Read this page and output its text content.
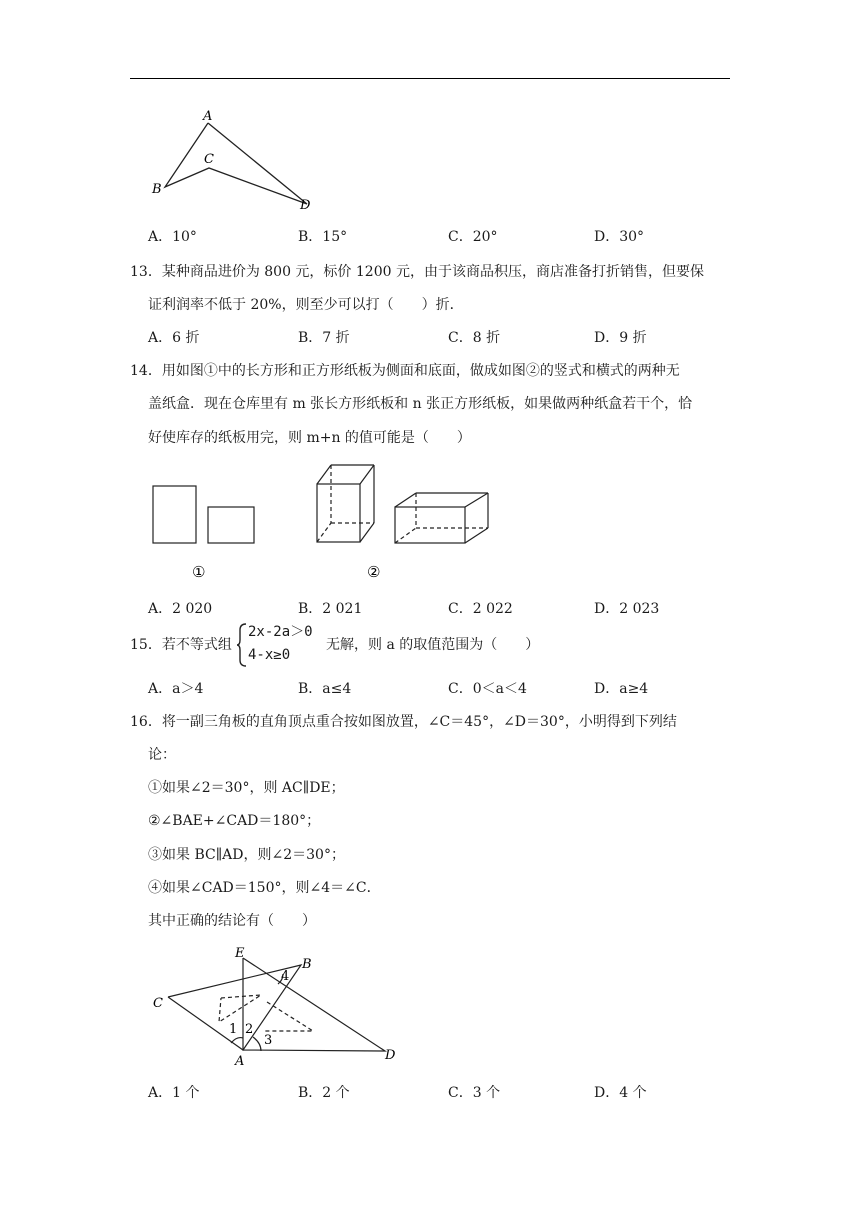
A
B
C
D
A．10°	B．15°	C．20°	D．30°
13．某种商品进价为 800 元，标价 1200 元，由于该商品积压，商店准备打折销售，但要保
证利润率不低于 20%，则至少可以打（　　）折．
A．6 折	B．7 折	C．8 折	D．9 折
14．用如图①中的长方形和正方形纸板为侧面和底面，做成如图②的竖式和横式的两种无
盖纸盒．现在仓库里有 m 张长方形纸板和 n 张正方形纸板，如果做两种纸盒若干个，恰
好使库存的纸板用完，则 m+n 的值可能是（　　）
①	②
A．2 020	B．2 021	C．2 022	D．2 023
15．若不等式组
2x-2a＞0
4-x≥0
无解，则 a 的取值范围为（　　）
A．a＞4	B．a≤4	C．0＜a＜4	D．a≥4
16．将一副三角板的直角顶点重合按如图放置，∠C＝45°，∠D＝30°，小明得到下列结
论：
①如果∠2＝30°，则 AC∥DE；
②∠BAE+∠CAD＝180°；
③如果 BC∥AD，则∠2＝30°；
④如果∠CAD＝150°，则∠4＝∠C．
其中正确的结论有（　　）
E
B
C
D
A
1 2
3
4
A．1 个	B．2 个	C．3 个	D．4 个
